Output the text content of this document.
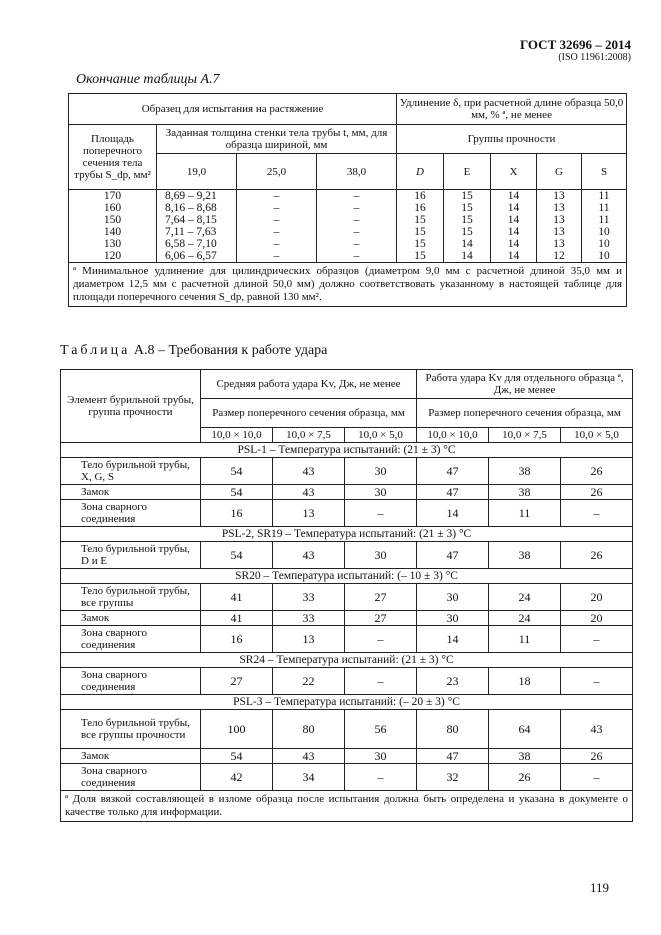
ГОСТ 32696 – 2014
(ISO 11961:2008)
Окончание таблицы А.7
Образец для испытания на растяжение				Удлинение δ, при расчетной длине образца 50,0 мм, % ª, не менее				
Площадь поперечного сечения тела трубы S_dp, мм²	Заданная толщина стенки тела трубы t, мм, для образца шириной, мм			Группы прочности				
	19,0	25,0	38,0	D	E	X	G	S
170	8,69 – 9,21	–	–	16	15	14	13	11
160	8,16 – 8,68	–	–	16	15	14	13	11
150	7,64 – 8,15	–	–	15	15	14	13	11
140	7,11 – 7,63	–	–	15	15	14	13	10
130	6,58 – 7,10	–	–	15	14	14	13	10
120	6,06 – 6,57	–	–	15	14	14	12	10
ª Минимальное удлинение для цилиндрических образцов (диаметром 9,0 мм с расчетной длиной 35,0 мм и диаметром 12,5 мм с расчетной длиной 50,0 мм) должно соответствовать указанному в настоящей таблице для площади поперечного сечения S_dp, равной 130 мм².								
Таблица А.8 – Требования к работе удара
Элемент бурильной трубы, группа прочности	Средняя работа удара Kv, Дж, не менее			Работа удара Kv для отдельного образца ª, Дж, не менее		
	Размер поперечного сечения образца, мм			Размер поперечного сечения образца, мм		
	10,0 × 10,0	10,0 × 7,5	10,0 × 5,0	10,0 × 10,0	10,0 × 7,5	10,0 × 5,0
PSL-1 – Температура испытаний: (21 ± 3) °С						
Тело бурильной трубы, X, G, S	54	43	30	47	38	26
Замок	54	43	30	47	38	26
Зона сварного соединения	16	13	–	14	11	–
PSL-2, SR19 – Температура испытаний: (21 ± 3) °С						
Тело бурильной трубы, D и E	54	43	30	47	38	26
SR20 – Температура испытаний: (– 10 ± 3) °С						
Тело бурильной трубы, все группы	41	33	27	30	24	20
Замок	41	33	27	30	24	20
Зона сварного соединения	16	13	–	14	11	–
SR24 – Температура испытаний: (21 ± 3) °С						
Зона сварного соединения	27	22	–	23	18	–
PSL-3 – Температура испытаний: (– 20 ± 3) °С						
Тело бурильной трубы, все группы прочности	100	80	56	80	64	43
Замок	54	43	30	47	38	26
Зона сварного соединения	42	34	–	32	26	–
ª Доля вязкой составляющей в изломе образца после испытания должна быть определена и указана в документе о качестве только для информации.						
119
